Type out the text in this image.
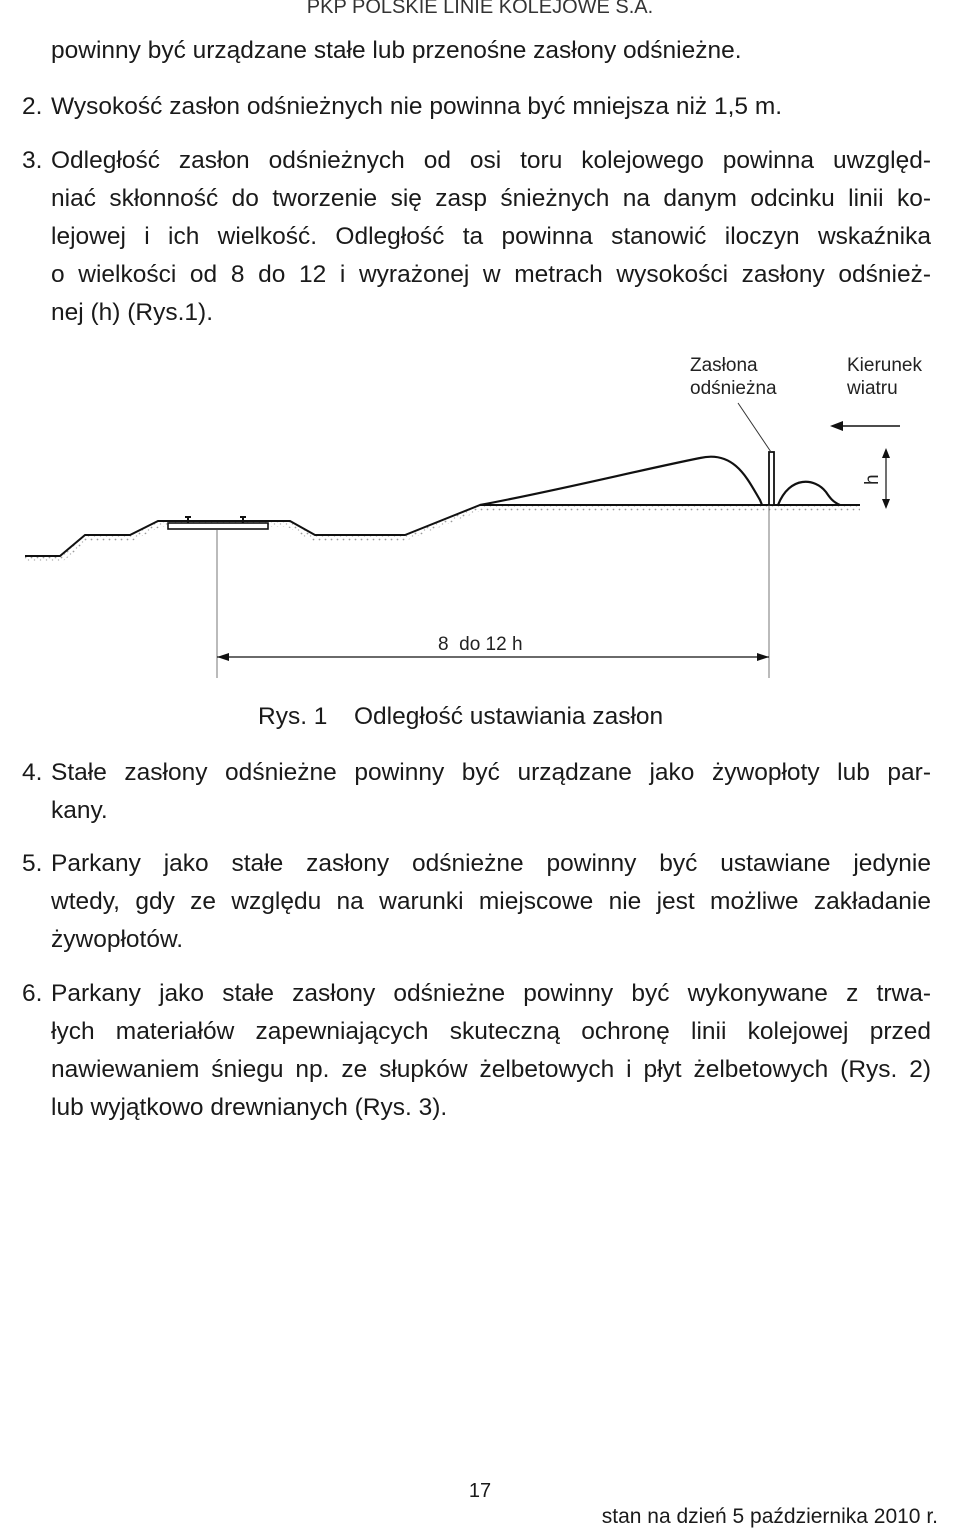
PKP POLSKIE LINIE KOLEJOWE S.A.
powinny być urządzane stałe lub przenośne zasłony odśnieżne.
2. Wysokość zasłon odśnieżnych nie powinna być mniejsza niż 1,5 m.
3. Odległość zasłon odśnieżnych od osi toru kolejowego powinna uwzględ-
niać skłonność do tworzenie się zasp śnieżnych na danym odcinku linii ko-
lejowej i ich wielkość. Odległość ta powinna stanowić iloczyn wskaźnika
o wielkości od 8 do 12 i wyrażonej w metrach wysokości zasłony odśnież-
nej (h) (Rys.1).
h
Zasłona
odśnieżna
Kierunek
wiatru
8  do 12 h
Rys. 1 Odległość ustawiania zasłon
4. Stałe zasłony odśnieżne powinny być urządzane jako żywopłoty lub par-
kany.
5. Parkany jako stałe zasłony odśnieżne powinny być ustawiane jedynie
wtedy, gdy ze względu na warunki miejscowe nie jest możliwe zakładanie
żywopłotów.
6. Parkany jako stałe zasłony odśnieżne powinny być wykonywane z trwa-
łych materiałów zapewniających skuteczną ochronę linii kolejowej przed
nawiewaniem śniegu np. ze słupków żelbetowych i płyt żelbetowych (Rys. 2)
lub wyjątkowo drewnianych (Rys. 3).
17
stan na dzień 5 października 2010 r.
